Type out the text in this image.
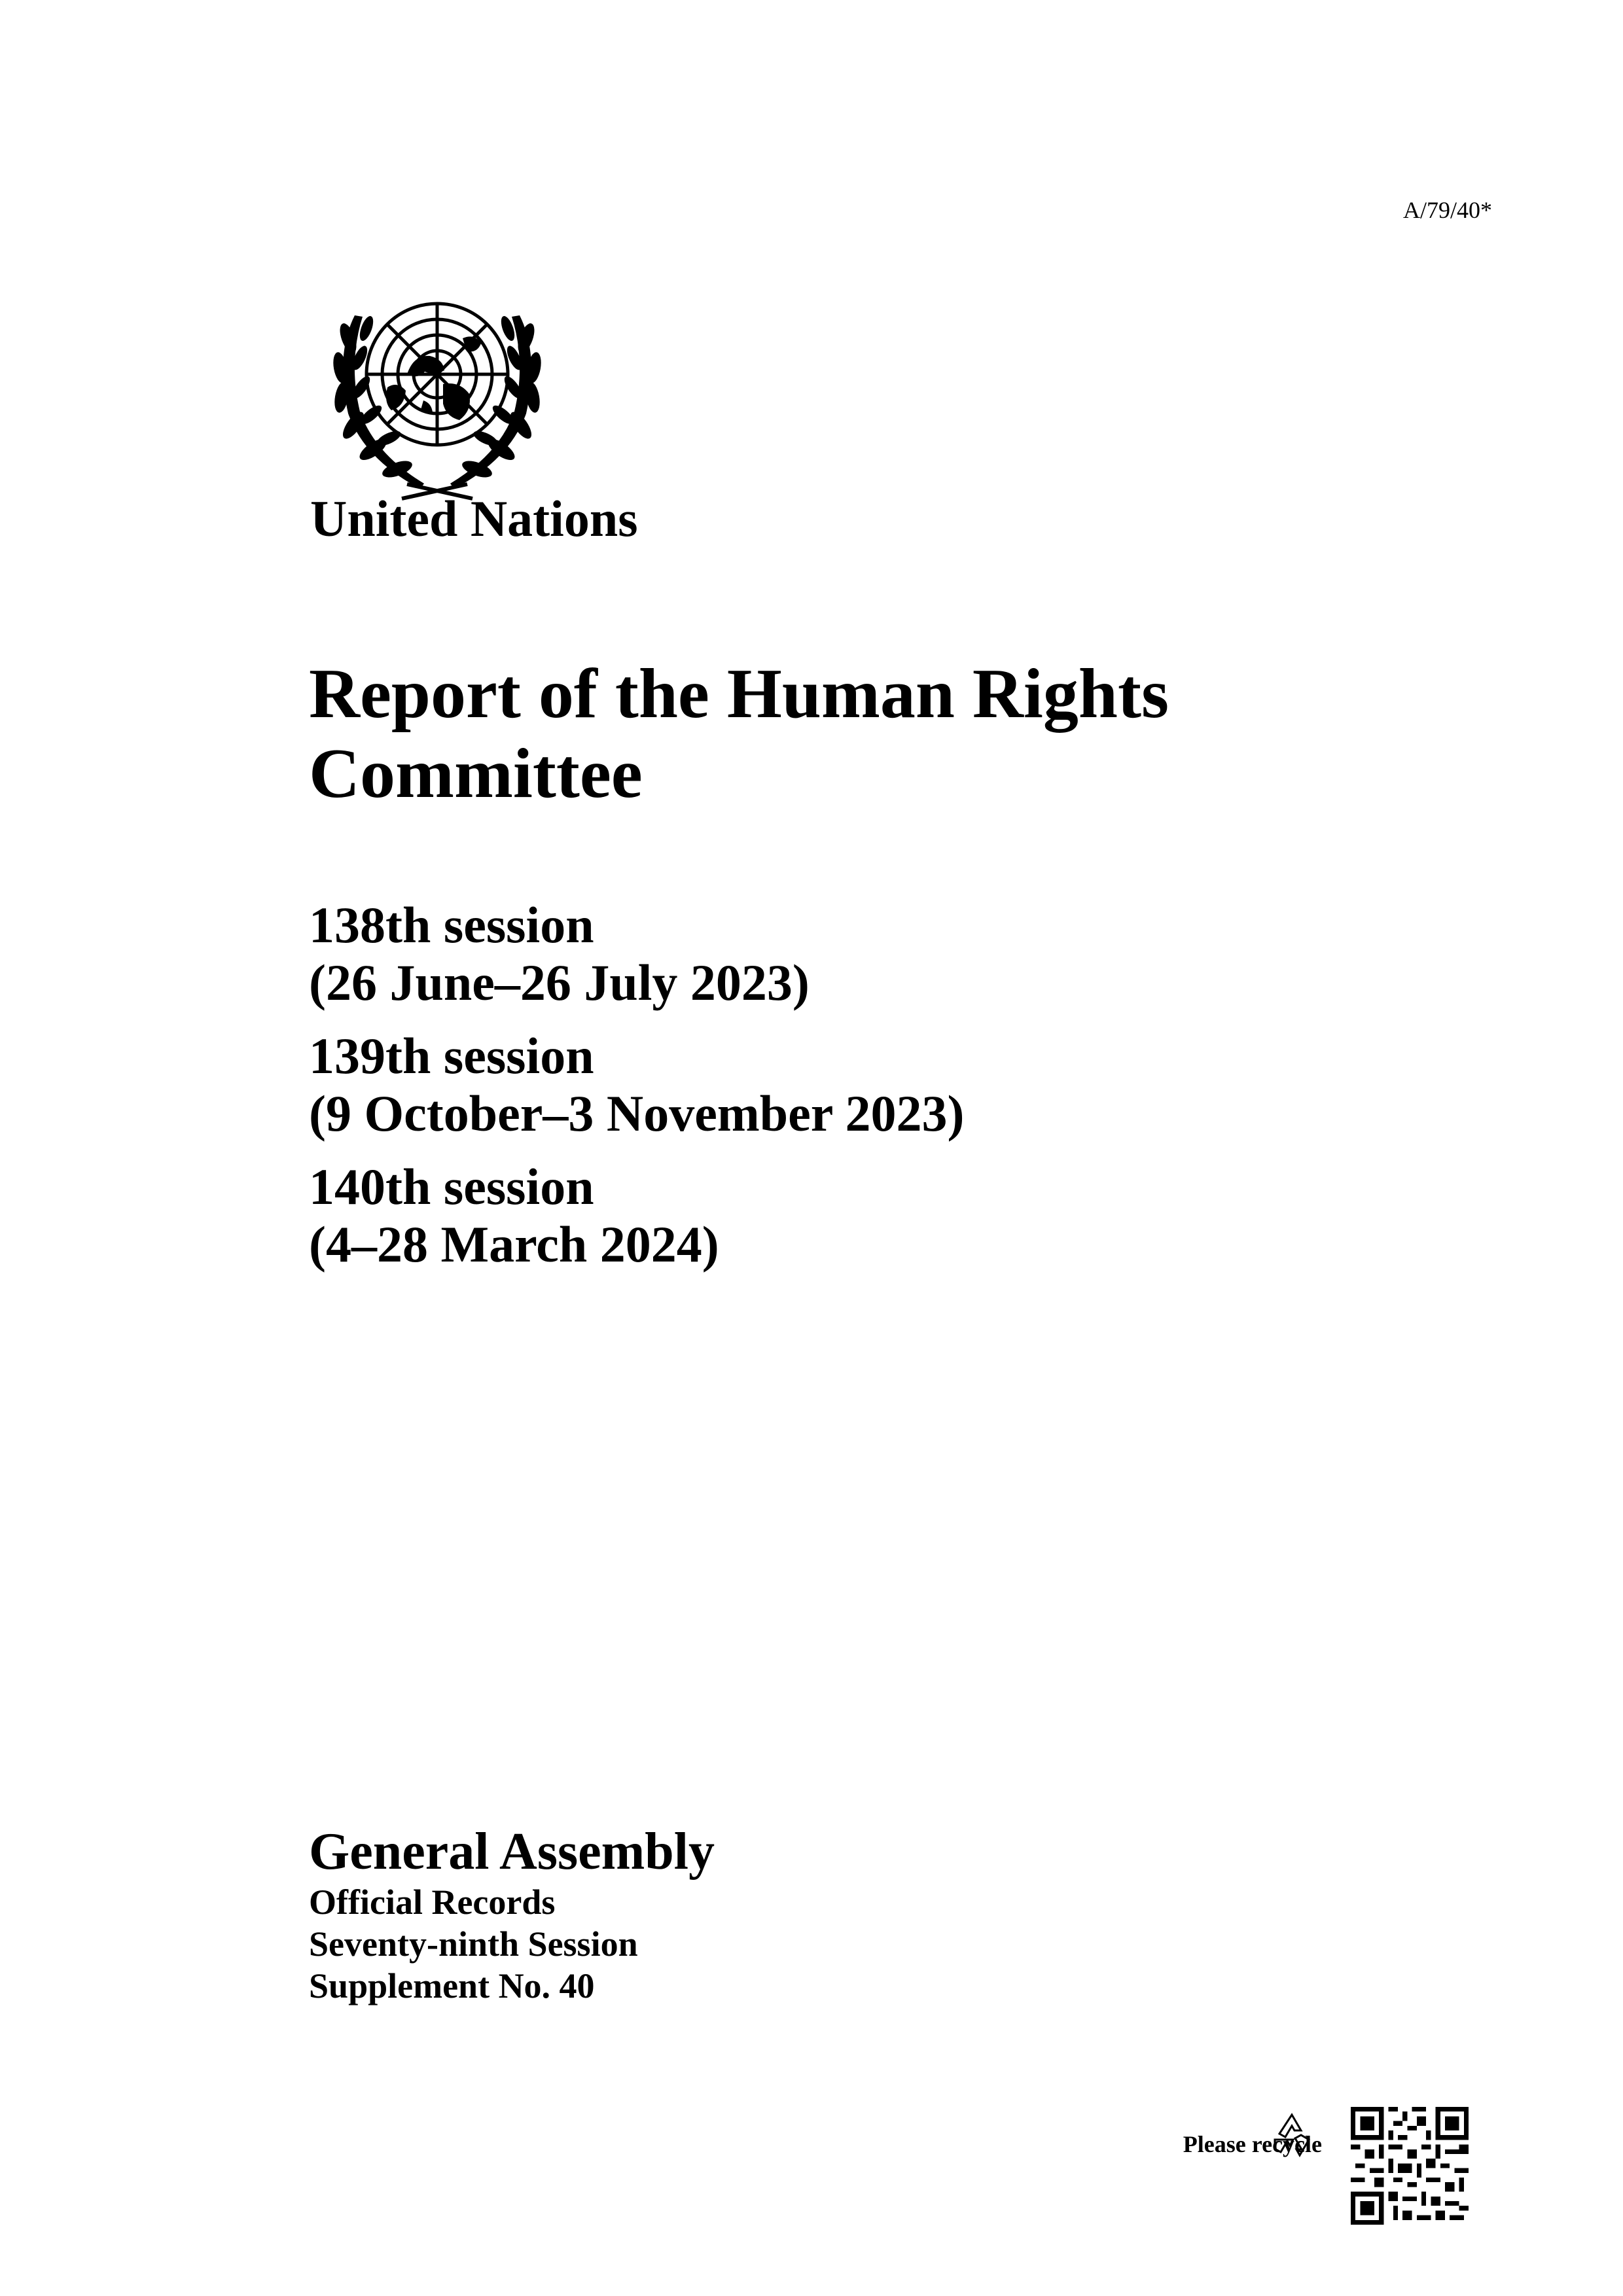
A/79/40*
United Nations
Report of the Human Rights Committee
138th session
(26 June–26 July 2023)
139th session
(9 October–3 November 2023)
140th session
(4–28 March 2024)
General Assembly
Official Records
Seventy-ninth Session
Supplement No. 40
Please recycle
